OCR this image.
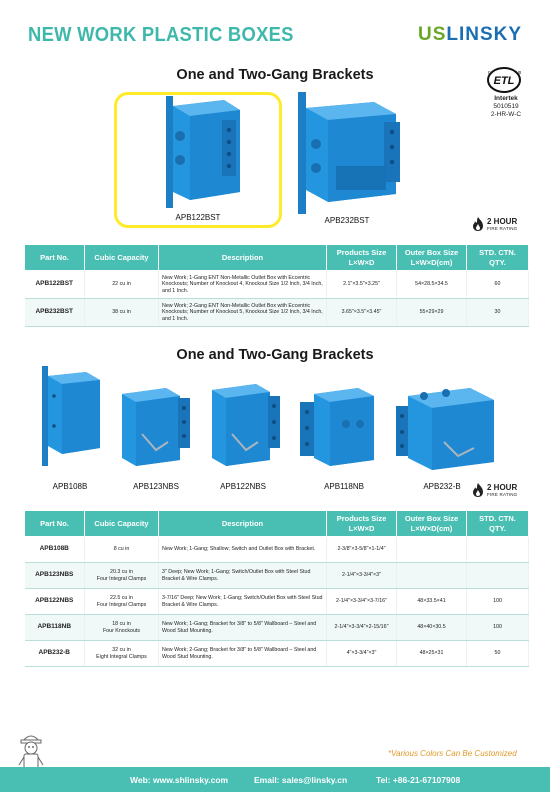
NEW WORK PLASTIC BOXES	USLINSKY
ETL
c	us
Intertek
5010519
2-HR-W-C
One and Two-Gang Brackets
APB122BST	APB232BST	2 HOUR
FIRE RATING
Part No.	Cubic Capacity	Description	Products Size
L×W×D	Outer Box Size
L×W×D(cm)	STD. CTN.
QTY.
APB122BST	22 cu in	New Work; 1-Gang ENT Non-Metallic Outlet Box with Eccentric Knockouts; Number of Knockout 4, Knockout Size 1/2 Inch, 3/4 Inch, and 1 Inch.	2.1"×3.5"×3.25"	54×28.5×34.5	60
APB232BST	38 cu in	New Work; 2-Gang ENT Non-Metallic Outlet Box with Eccentric Knockouts; Number of Knockout 5, Knockout Size 1/2 Inch, 3/4 Inch, and 1 Inch.	3.65"×3.5"×3.45"	55×29×29	30
One and Two-Gang Brackets
APB108B	APB123NBS	APB122NBS	APB118NB	APB232-B	2 HOUR
FIRE RATING
Part No.	Cubic Capacity	Description	Products Size
L×W×D	Outer Box Size
L×W×D(cm)	STD. CTN.
QTY.
APB108B	8 cu in	New Work; 1-Gang; Shallow; Switch and Outlet Box with Bracket.	2-3/8"×3-5/8"×1-1/4"		
APB123NBS	20.3 cu in
Four Integral Clamps	3" Deep; New Work; 1-Gang; Switch/Outlet Box with Steel Stud Bracket & Wire Clamps.	2-1/4"×3-3/4"×3"		
APB122NBS	22.5 cu in
Four Integral Clamps	3-7/16" Deep; New Work; 1-Gang; Switch/Outlet Box with Steel Stud Bracket & Wire Clamps.	2-1/4"×3-3/4"×3-7/16"	48×33.5×41	100
APB118NB	18 cu in
Four Knockouts	New Work; 1-Gang; Bracket for 3/8" to 5/8" Wallboard – Steel and Wood Stud Mounting.	2-1/4"×3-3/4"×2-15/16"	48×40×30.5	100
APB232-B	32 cu in
Eight Integral Clamps	New Work; 2-Gang; Bracket for 3/8" to 5/8" Wallboard – Steel and Wood Stud Mounting.	4"×3-3/4"×3"	48×25×31	50
*Various Colors Can Be Customized
Web: www.shlinsky.com	Email: sales@linsky.cn	Tel: +86-21-67107908
